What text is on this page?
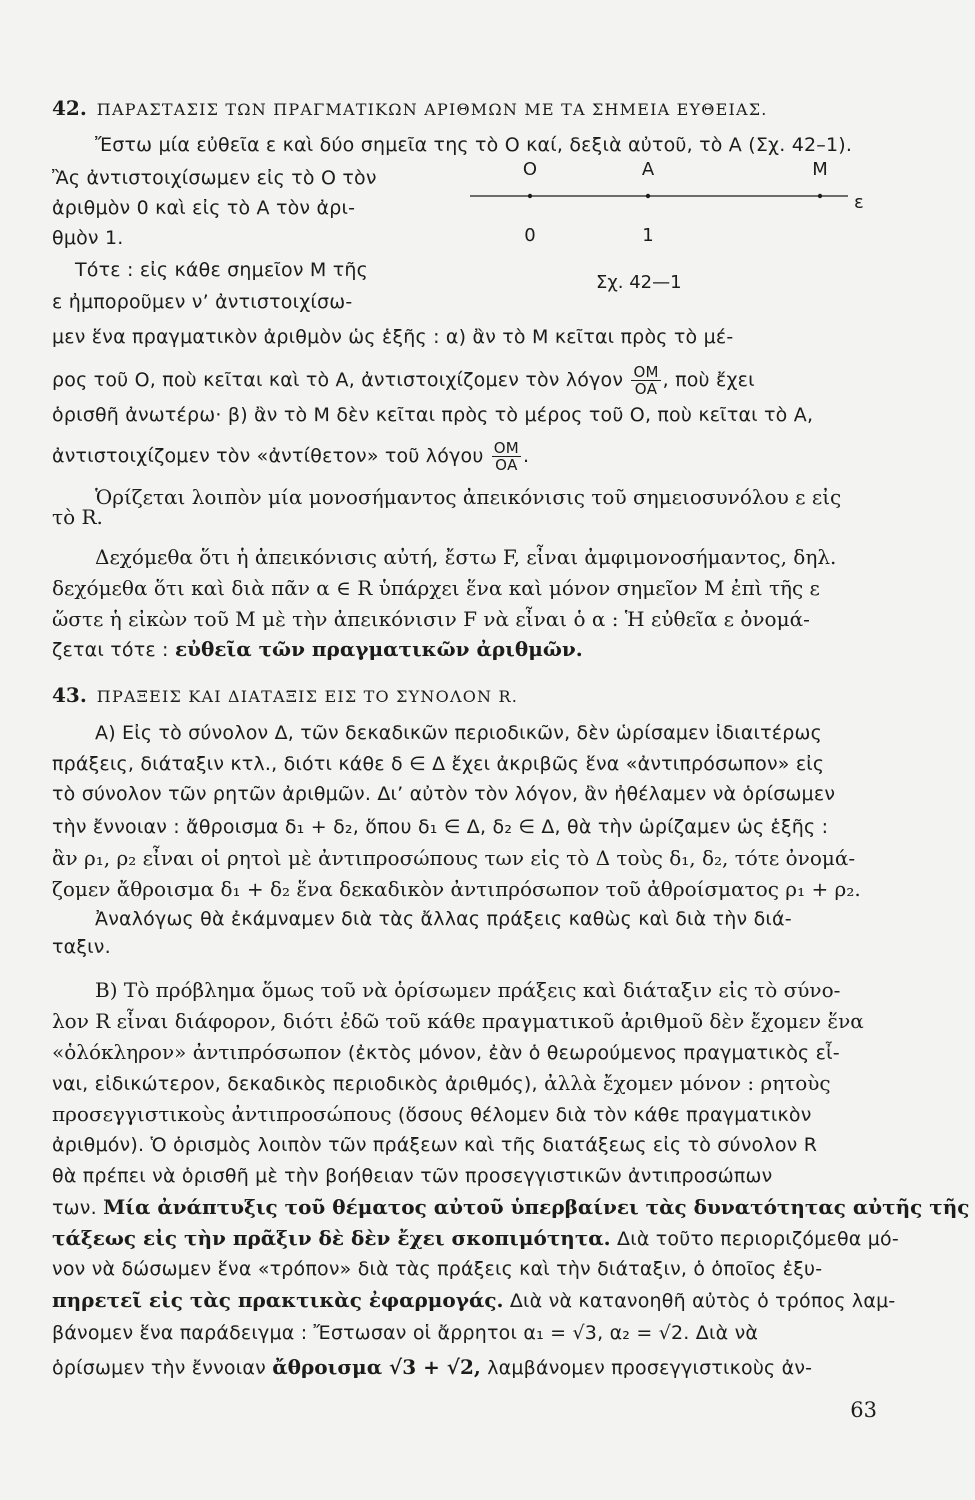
42. ΠΑΡΑΣΤΑΣΙΣ ΤΩΝ ΠΡΑΓΜΑΤΙΚΩΝ ΑΡΙΘΜΩΝ ΜΕ ΤΑ ΣΗΜΕΙΑ ΕΥΘΕΙΑΣ.
Ἔστω μία εὐθεῖα ε καὶ δύο σημεῖα της τὸ Ο καί, δεξιὰ αὐτοῦ, τὸ Α (Σχ. 42–1).
Ἂς ἀντιστοιχίσωμεν εἰς τὸ Ο τὸν
ἀριθμὸν 0 καὶ εἰς τὸ Α τὸν ἀρι-
θμὸν 1.
Τότε : εἰς κάθε σημεῖον Μ τῆς
ε ἠμποροῦμεν ν’ ἀντιστοιχίσω-
μεν ἕνα πραγματικὸν ἀριθμὸν ὡς ἑξῆς : α) ἂν τὸ Μ κεῖται πρὸς τὸ μέ-
ρος τοῦ Ο, ποὺ κεῖται καὶ τὸ Α, ἀντιστοιχίζομεν τὸν λόγον $\frac{OM}{OA}$ , ποὺ ἔχει
ὁρισθῆ ἀνωτέρω· β) ἂν τὸ Μ δὲν κεῖται πρὸς τὸ μέρος τοῦ Ο, ποὺ κεῖται τὸ Α,
ἀντιστοιχίζομεν τὸν «ἀντίθετον» τοῦ λόγου $\frac{OM}{OA}$ .
Ὁρίζεται λοιπὸν μία μονοσήμαντος ἀπεικόνισις τοῦ σημειοσυνόλου ε εἰς
τὸ R.
Δεχόμεθα ὅτι ἡ ἀπεικόνισις αὐτή, ἔστω F, εἶναι ἀμφιμονοσήμαντος, δηλ.
δεχόμεθα ὅτι καὶ διὰ πᾶν α ∈ R ὑπάρχει ἕνα καὶ μόνον σημεῖον Μ ἐπὶ τῆς ε
ὥστε ἡ εἰκὼν τοῦ Μ μὲ τὴν ἀπεικόνισιν F νὰ εἶναι ὁ α : Ἡ εὐθεῖα ε ὀνομά-
ζεται τότε : εὐθεῖα τῶν πραγματικῶν ἀριθμῶν.
Ο	Α	Μ
ε
0	1
Σχ. 42—1
43. ΠΡΑΞΕΙΣ ΚΑΙ ΔΙΑΤΑΞΙΣ ΕΙΣ ΤΟ ΣΥΝΟΛΟΝ R.
Α) Εἰς τὸ σύνολον Δ, τῶν δεκαδικῶν περιοδικῶν, δὲν ὡρίσαμεν ἰδιαιτέρως
πράξεις, διάταξιν κτλ., διότι κάθε δ ∈ Δ ἔχει ἀκριβῶς ἕνα «ἀντιπρόσωπον» εἰς
τὸ σύνολον τῶν ρητῶν ἀριθμῶν. Δι’ αὐτὸν τὸν λόγον, ἂν ἠθέλαμεν νὰ ὁρίσωμεν
τὴν ἔννοιαν : ἄθροισμα δ₁ + δ₂, ὅπου δ₁ ∈ Δ, δ₂ ∈ Δ, θὰ τὴν ὡρίζαμεν ὡς ἑξῆς :
ἂν ρ₁, ρ₂ εἶναι οἱ ρητοὶ μὲ ἀντιπροσώπους των εἰς τὸ Δ τοὺς δ₁, δ₂, τότε ὀνομά-
ζομεν ἄθροισμα δ₁ + δ₂ ἕνα δεκαδικὸν ἀντιπρόσωπον τοῦ ἀθροίσματος ρ₁ + ρ₂.
Ἀναλόγως θὰ ἐκάμναμεν διὰ τὰς ἄλλας πράξεις καθὼς καὶ διὰ τὴν διά-
ταξιν.
Β) Τὸ πρόβλημα ὅμως τοῦ νὰ ὁρίσωμεν πράξεις καὶ διάταξιν εἰς τὸ σύνο-
λον R εἶναι διάφορον, διότι ἐδῶ τοῦ κάθε πραγματικοῦ ἀριθμοῦ δὲν ἔχομεν ἕνα
«ὁλόκληρον» ἀντιπρόσωπον (ἐκτὸς μόνον, ἐὰν ὁ θεωρούμενος πραγματικὸς εἶ-
ναι, εἰδικώτερον, δεκαδικὸς περιοδικὸς ἀριθμός), ἀλλὰ ἔχομεν μόνον : ρητοὺς
προσεγγιστικοὺς ἀντιπροσώπους (ὅσους θέλομεν διὰ τὸν κάθε πραγματικὸν
ἀριθμόν). Ὁ ὁρισμὸς λοιπὸν τῶν πράξεων καὶ τῆς διατάξεως εἰς τὸ σύνολον R
θὰ πρέπει νὰ ὁρισθῆ μὲ τὴν βοήθειαν τῶν προσεγγιστικῶν ἀντιπροσώπων
των. Μία ἀνάπτυξις τοῦ θέματος αὐτοῦ ὑπερβαίνει τὰς δυνατότητας αὐτῆς τῆς
τάξεως εἰς τὴν πρᾶξιν δὲ δὲν ἔχει σκοπιμότητα. Διὰ τοῦτο περιοριζόμεθα μό-
νον νὰ δώσωμεν ἕνα «τρόπον» διὰ τὰς πράξεις καὶ τὴν διάταξιν, ὁ ὁποῖος ἐξυ-
πηρετεῖ εἰς τὰς πρακτικὰς ἐφαρμογάς. Διὰ νὰ κατανοηθῆ αὐτὸς ὁ τρόπος λαμ-
βάνομεν ἕνα παράδειγμα : Ἔστωσαν οἱ ἄρρητοι α₁ = √3, α₂ = √2. Διὰ νὰ
ὁρίσωμεν τὴν ἔννοιαν ἄθροισμα √3 + √2, λαμβάνομεν προσεγγιστικοὺς ἀν-
63
